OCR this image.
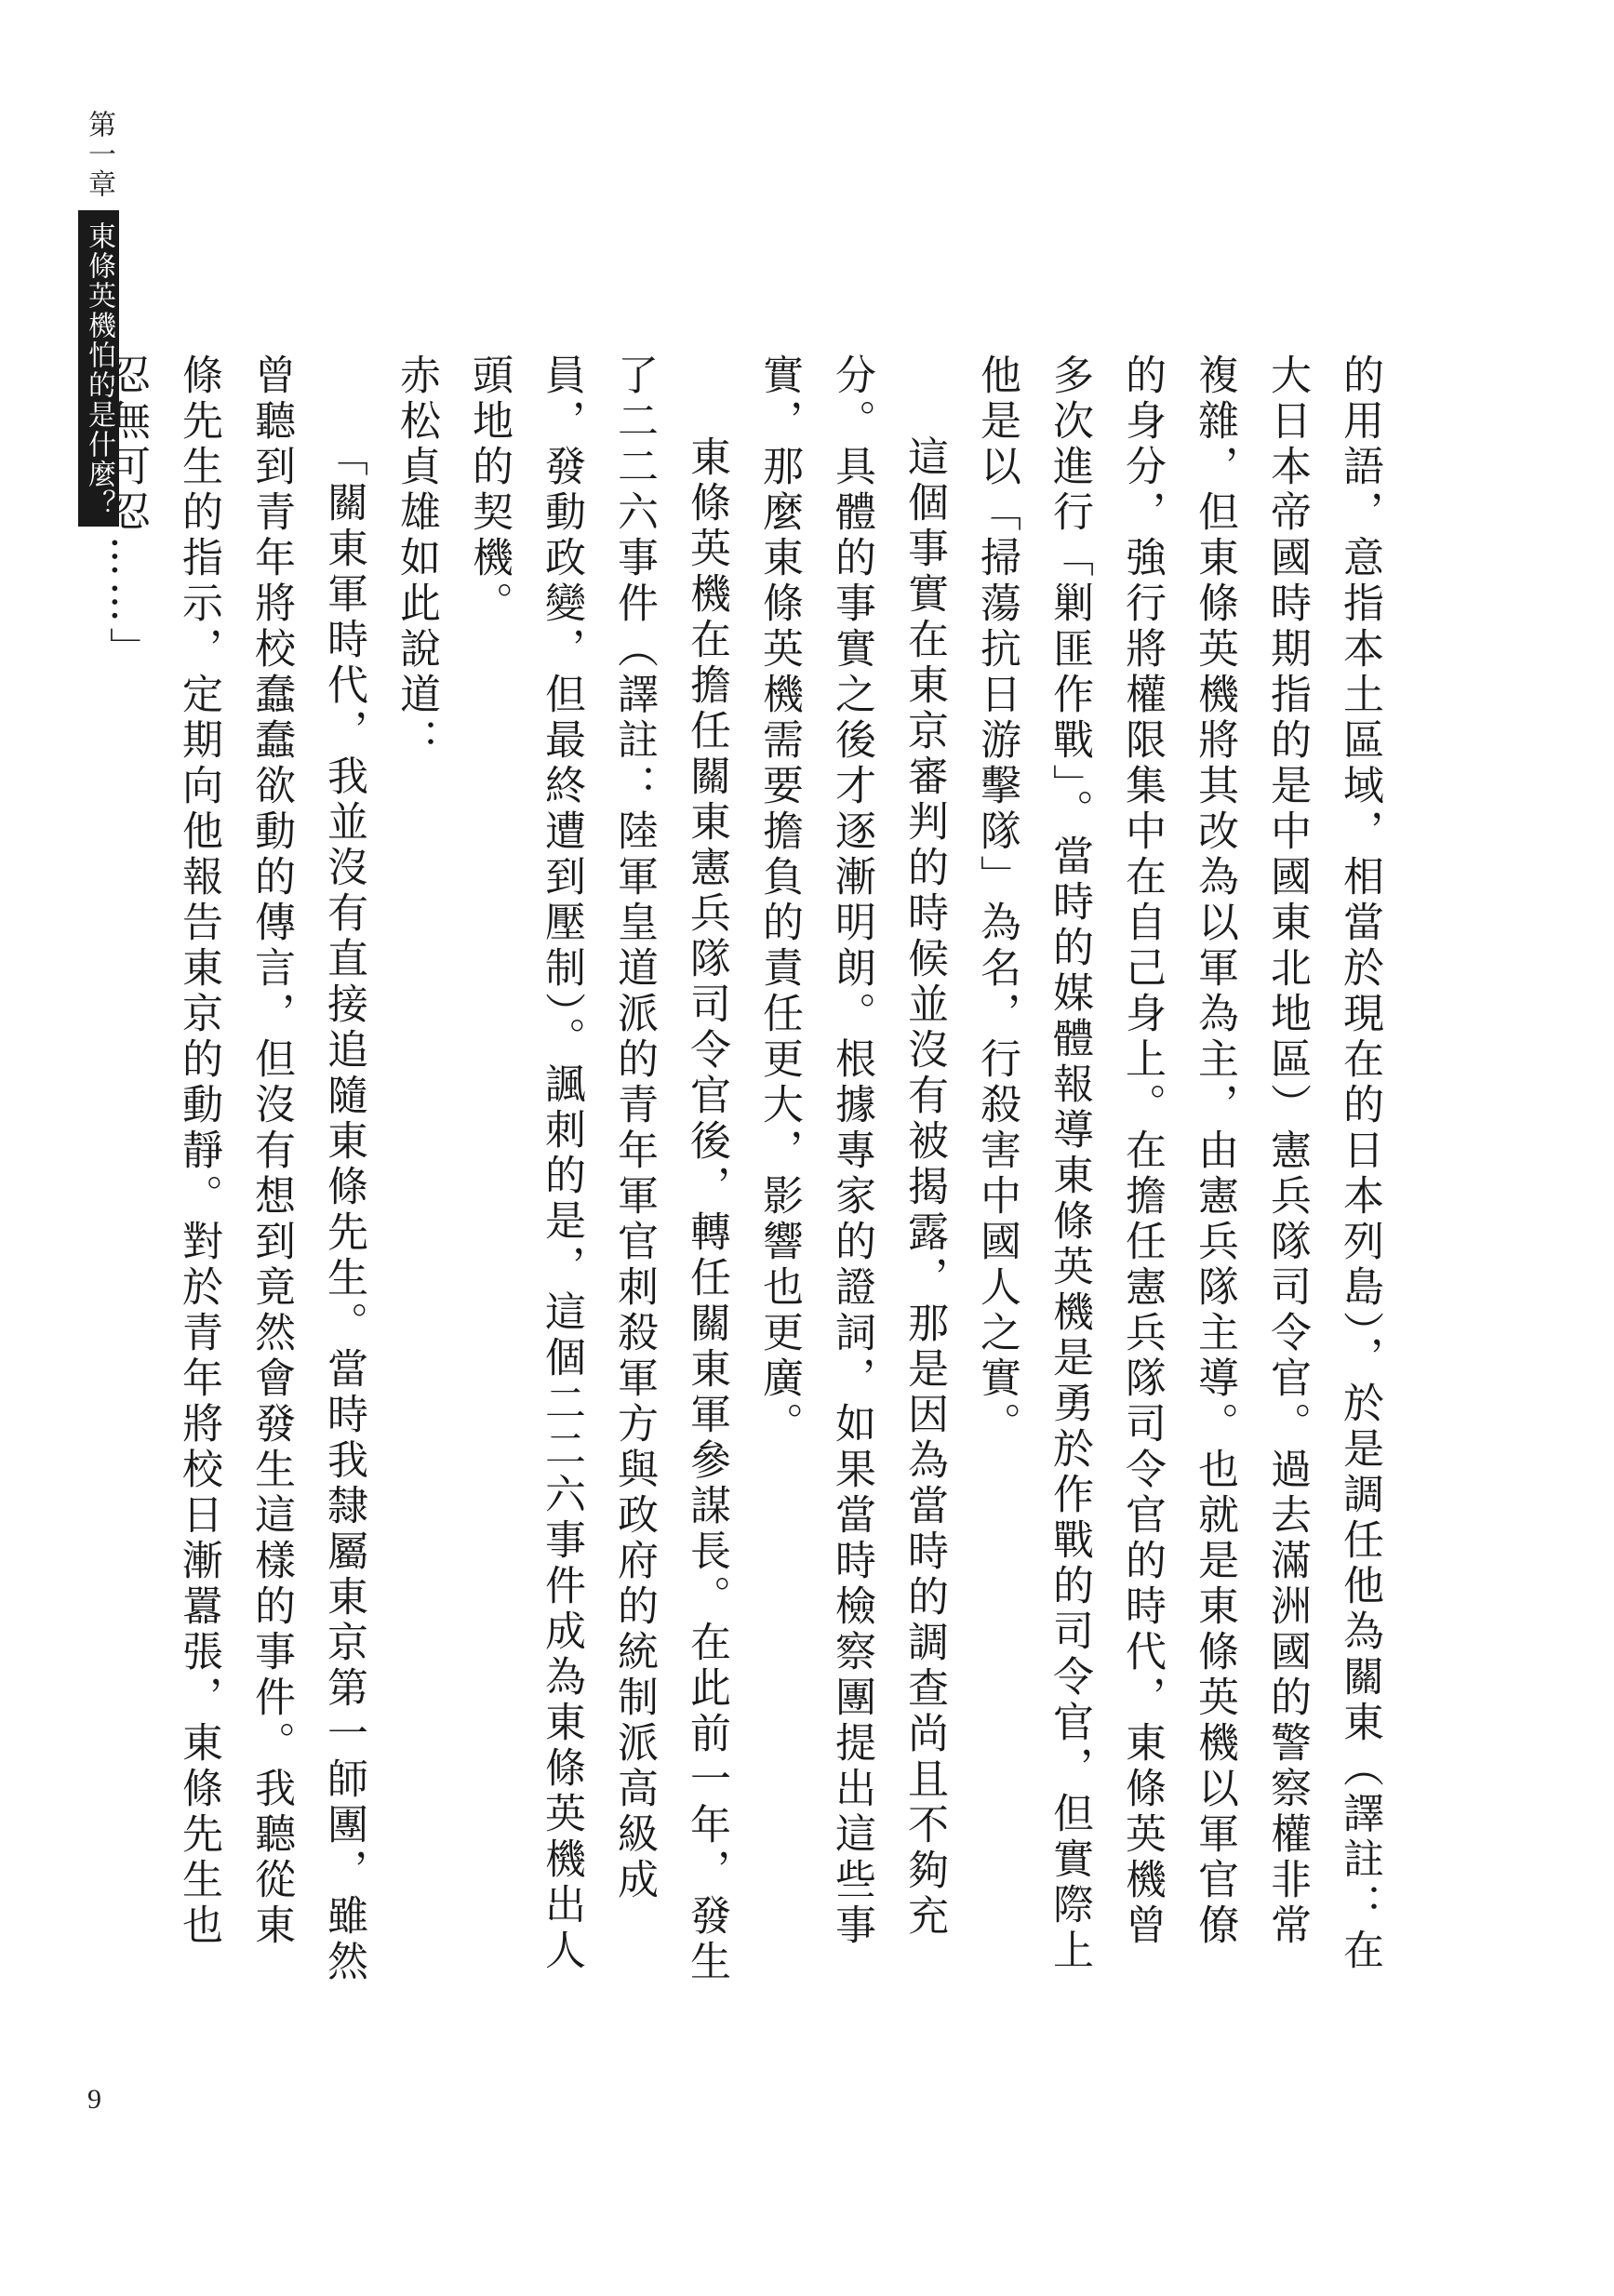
第一章
東條英機怕的是什麼？	的用語，意指本土區域，相當於現在的日本列島），於是調任他為關東（譯註：在大日本帝國時期指的是中國東北地區）憲兵隊司令官。過去滿洲國的警察權非常複雜，但東條英機將其改為以軍為主，由憲兵隊主導。也就是東條英機以軍官僚的身分，強行將權限集中在自己身上。在擔任憲兵隊司令官的時代，東條英機曾多次進行「剿匪作戰」。當時的媒體報導東條英機是勇於作戰的司令官，但實際上他是以「掃蕩抗日游擊隊」為名，行殺害中國人之實。

這個事實在東京審判的時候並沒有被揭露，那是因為當時的調查尚且不夠充分。具體的事實之後才逐漸明朗。根據專家的證詞，如果當時檢察團提出這些事實，那麼東條英機需要擔負的責任更大，影響也更廣。

東條英機在擔任關東憲兵隊司令官後，轉任關東軍參謀長。在此前一年，發生了二二六事件（譯註：陸軍皇道派的青年軍官刺殺軍方與政府的統制派高級成員，發動政變，但最終遭到壓制）。諷刺的是，這個二二六事件成為東條英機出人頭地的契機。

赤松貞雄如此說道：

「關東軍時代，我並沒有直接追隨東條先生。當時我隸屬東京第一師團，雖然曾聽到青年將校蠢蠢欲動的傳言，但沒有想到竟然會發生這樣的事件。我聽從東條先生的指示，定期向他報告東京的動靜。對於青年將校日漸囂張，東條先生也忍無可忍……」

9
